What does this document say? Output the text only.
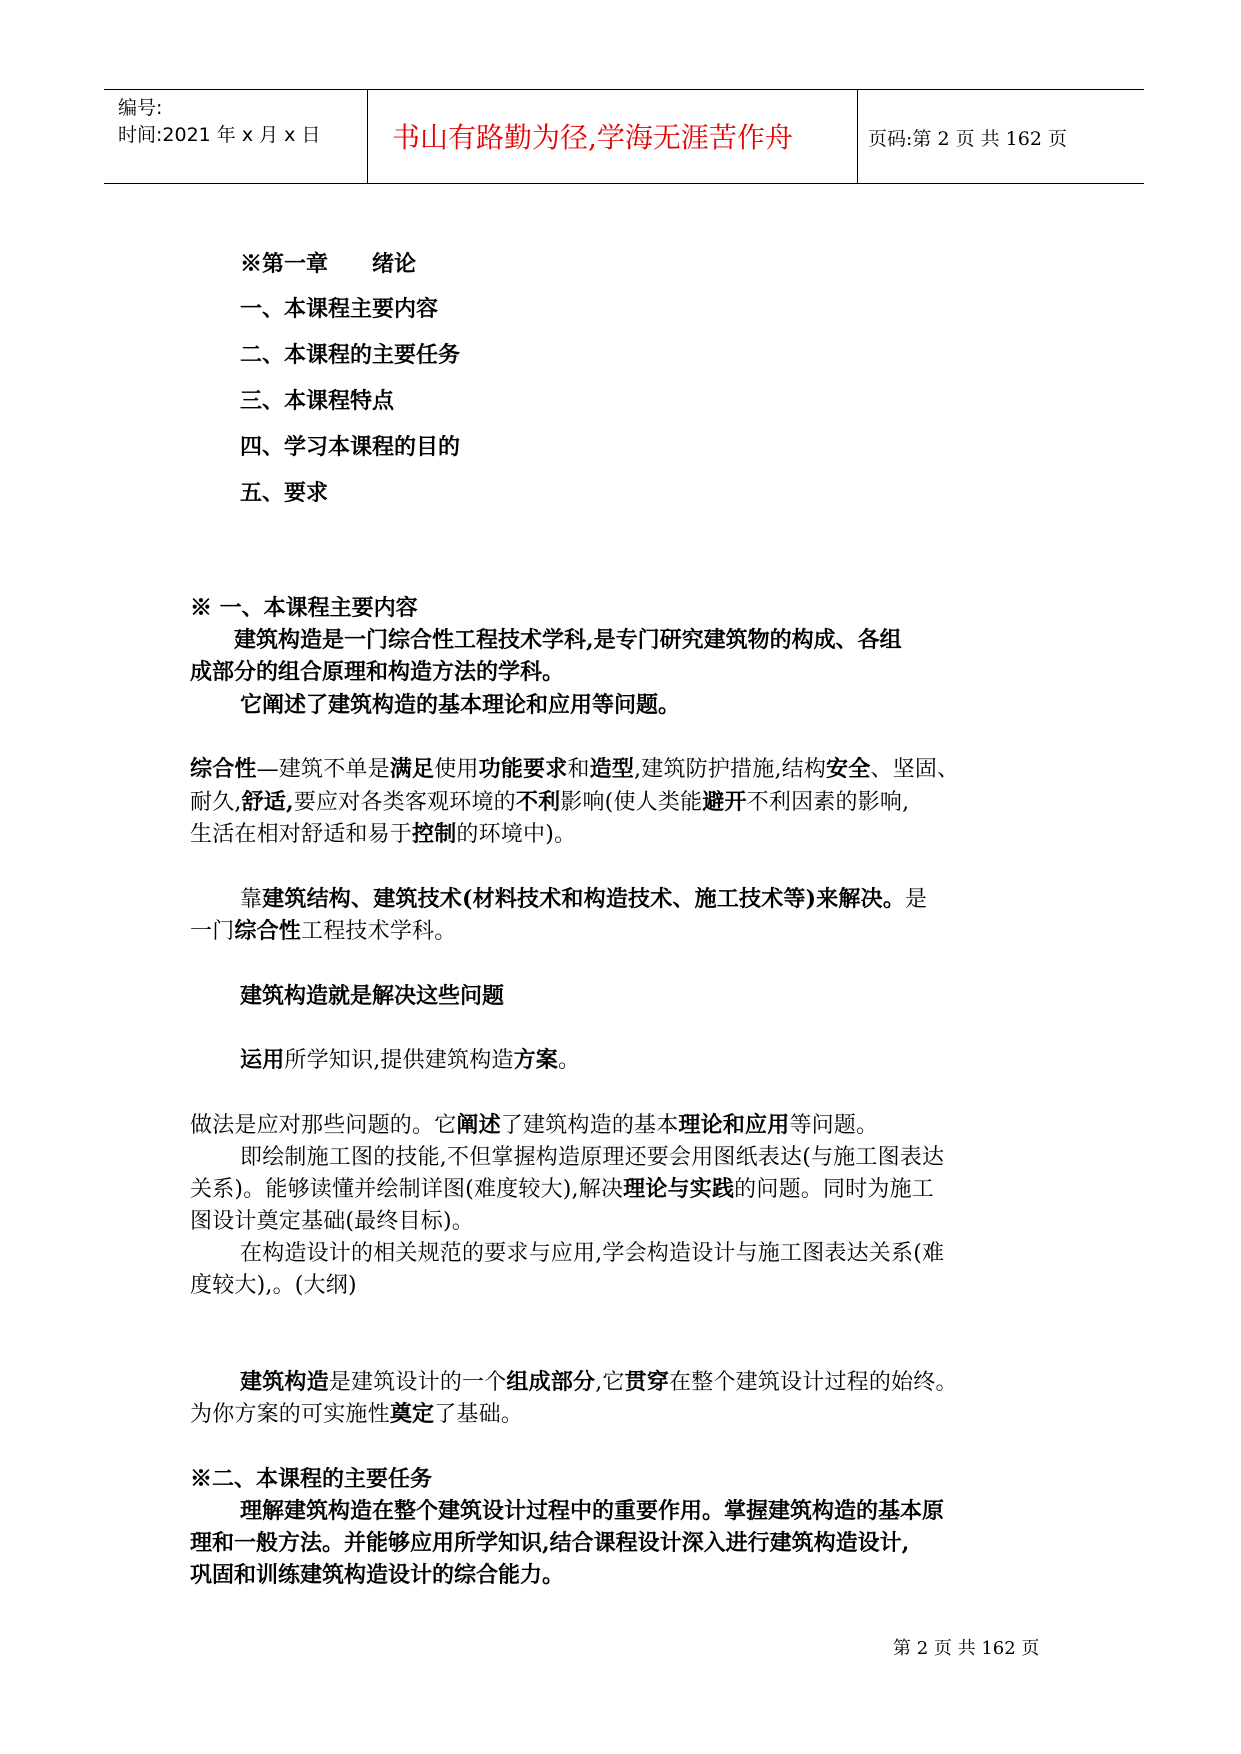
编号:
时间:2021 年 x 月 x 日	书山有路勤为径,学海无涯苦作舟	页码:第 2 页 共 162 页
※第一章　　绪论
一、本课程主要内容
二、本课程的主要任务
三、本课程特点
四、学习本课程的目的
五、要求
※ 一、本课程主要内容
　　建筑构造是一门综合性工程技术学科,是专门研究建筑物的构成、各组
成部分的组合原理和构造方法的学科。
它阐述了建筑构造的基本理论和应用等问题。
综合性—建筑不单是满足使用功能要求和造型,建筑防护措施,结构安全、坚固、
耐久,舒适,要应对各类客观环境的不利影响(使人类能避开不利因素的影响,
生活在相对舒适和易于控制的环境中)。
靠建筑结构、建筑技术(材料技术和构造技术、施工技术等)来解决。是
一门综合性工程技术学科。
建筑构造就是解决这些问题
运用所学知识,提供建筑构造方案。
做法是应对那些问题的。它阐述了建筑构造的基本理论和应用等问题。
即绘制施工图的技能,不但掌握构造原理还要会用图纸表达(与施工图表达
关系)。能够读懂并绘制详图(难度较大),解决理论与实践的问题。同时为施工
图设计奠定基础(最终目标)。
在构造设计的相关规范的要求与应用,学会构造设计与施工图表达关系(难
度较大),。(大纲)
建筑构造是建筑设计的一个组成部分,它贯穿在整个建筑设计过程的始终。
为你方案的可实施性奠定了基础。
※二、本课程的主要任务
理解建筑构造在整个建筑设计过程中的重要作用。掌握建筑构造的基本原
理和一般方法。并能够应用所学知识,结合课程设计深入进行建筑构造设计,
巩固和训练建筑构造设计的综合能力。
第 2 页 共 162 页
